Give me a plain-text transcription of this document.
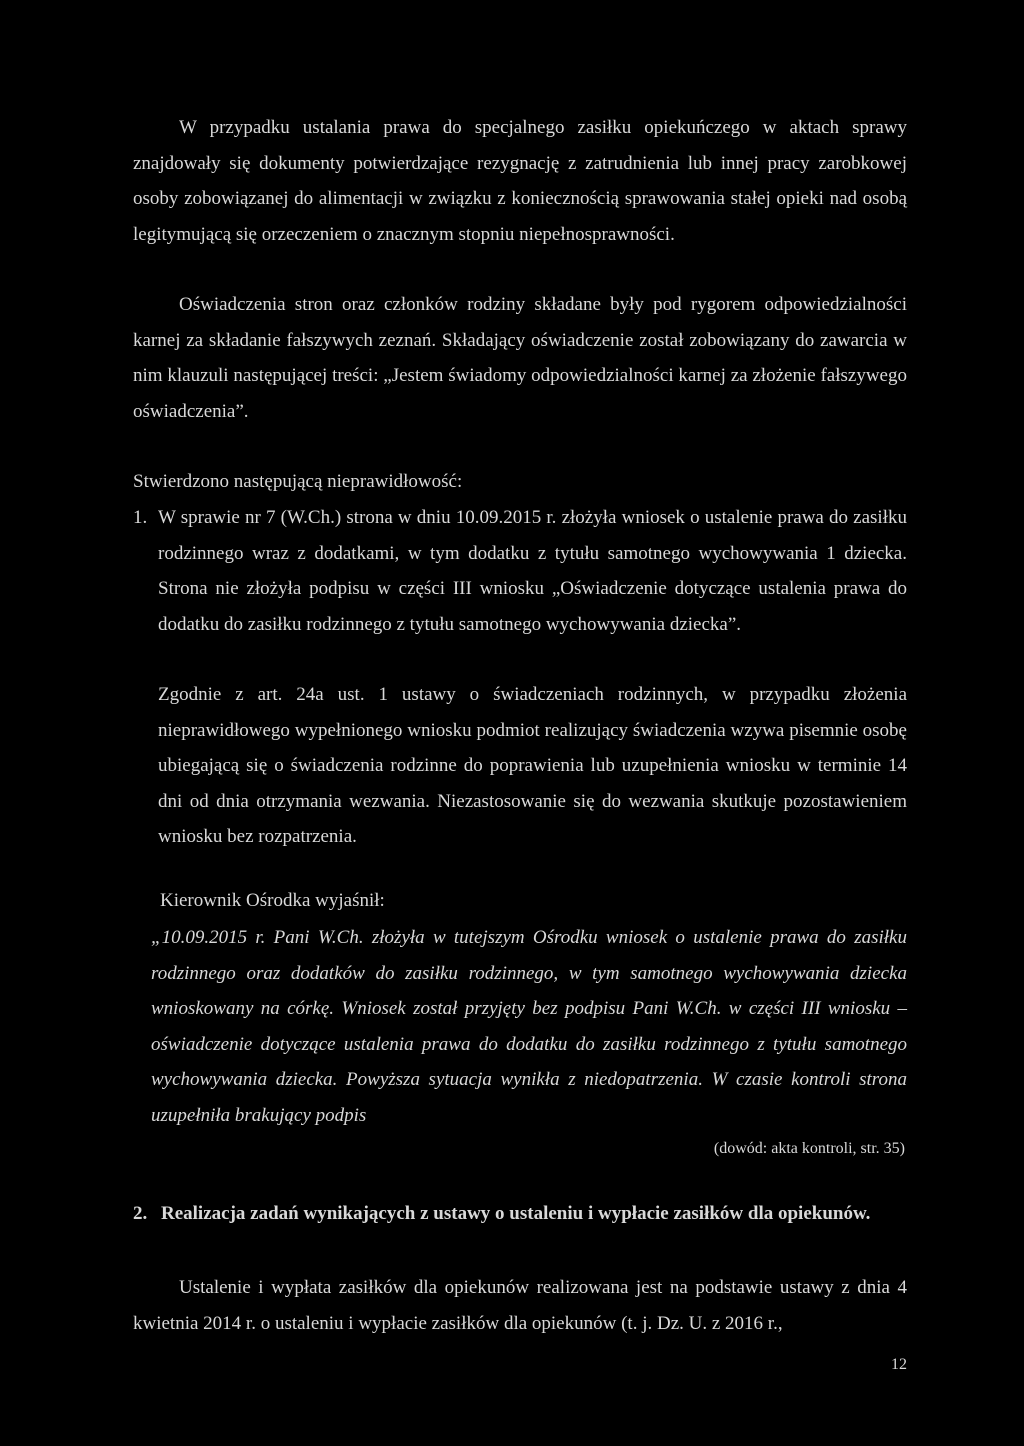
W przypadku ustalania prawa do specjalnego zasiłku opiekuńczego w aktach sprawy znajdowały się dokumenty potwierdzające rezygnację z zatrudnienia lub innej pracy zarobkowej osoby zobowiązanej do alimentacji w związku z koniecznością sprawowania stałej opieki nad osobą legitymującą się orzeczeniem o znacznym stopniu niepełnosprawności.
Oświadczenia stron oraz członków rodziny składane były pod rygorem odpowiedzialności karnej za składanie fałszywych zeznań. Składający oświadczenie został zobowiązany do zawarcia w nim klauzuli następującej treści: „Jestem świadomy odpowiedzialności karnej za złożenie fałszywego oświadczenia”.
Stwierdzono następującą nieprawidłowość:
1. W sprawie nr 7 (W.Ch.) strona w dniu 10.09.2015 r. złożyła wniosek o ustalenie prawa do zasiłku rodzinnego wraz z dodatkami, w tym dodatku z tytułu samotnego wychowywania 1 dziecka. Strona nie złożyła podpisu w części III wniosku „Oświadczenie dotyczące ustalenia prawa do dodatku do zasiłku rodzinnego z tytułu samotnego wychowywania dziecka”.
Zgodnie z art. 24a ust. 1 ustawy o świadczeniach rodzinnych, w przypadku złożenia nieprawidłowego wypełnionego wniosku podmiot realizujący świadczenia wzywa pisemnie osobę ubiegającą się o świadczenia rodzinne do poprawienia lub uzupełnienia wniosku w terminie 14 dni od dnia otrzymania wezwania. Niezastosowanie się do wezwania skutkuje pozostawieniem wniosku bez rozpatrzenia.
Kierownik Ośrodka wyjaśnił:
„10.09.2015 r. Pani W.Ch. złożyła w tutejszym Ośrodku wniosek o ustalenie prawa do zasiłku rodzinnego oraz dodatków do zasiłku rodzinnego, w tym samotnego wychowywania dziecka wnioskowany na córkę. Wniosek został przyjęty bez podpisu Pani W.Ch. w części III wniosku – oświadczenie dotyczące ustalenia prawa do dodatku do zasiłku rodzinnego z tytułu samotnego wychowywania dziecka. Powyższa sytuacja wynikła z niedopatrzenia. W czasie kontroli strona uzupełniła brakujący podpis
(dowód: akta kontroli, str. 35)
2. Realizacja zadań wynikających z ustawy o ustaleniu i wypłacie zasiłków dla opiekunów.
Ustalenie i wypłata zasiłków dla opiekunów realizowana jest na podstawie ustawy z dnia 4 kwietnia 2014 r. o ustaleniu i wypłacie zasiłków dla opiekunów (t. j. Dz. U. z 2016 r.,
12
